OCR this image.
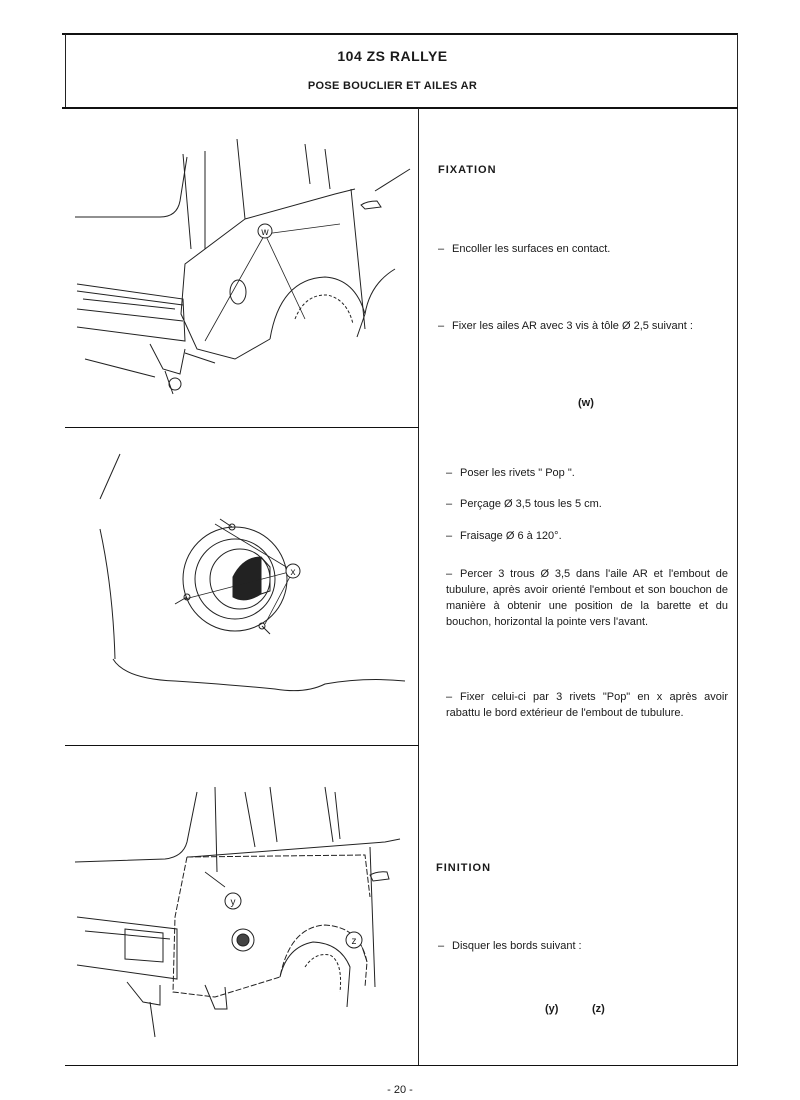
104 ZS RALLYE
POSE BOUCLIER ET AILES AR
w
x
y
z
FIXATION
– Encoller les surfaces en contact.
– Fixer les ailes AR avec 3 vis à tôle Ø 2,5 suivant :
(w)
– Poser les rivets " Pop ".
– Perçage Ø 3,5 tous les 5 cm.
– Fraisage Ø 6 à 120°.
– Percer 3 trous Ø 3,5 dans l'aile AR et l'embout de tubulure, après avoir orienté l'embout et son bouchon de manière à obtenir une position de la barette et du bouchon, horizontal la pointe vers l'avant.
– Fixer celui-ci par 3 rivets "Pop" en x après avoir rabattu le bord extérieur de l'embout de tubulure.
FINITION
– Disquer les bords suivant :
(y)	(z)
- 20 -
